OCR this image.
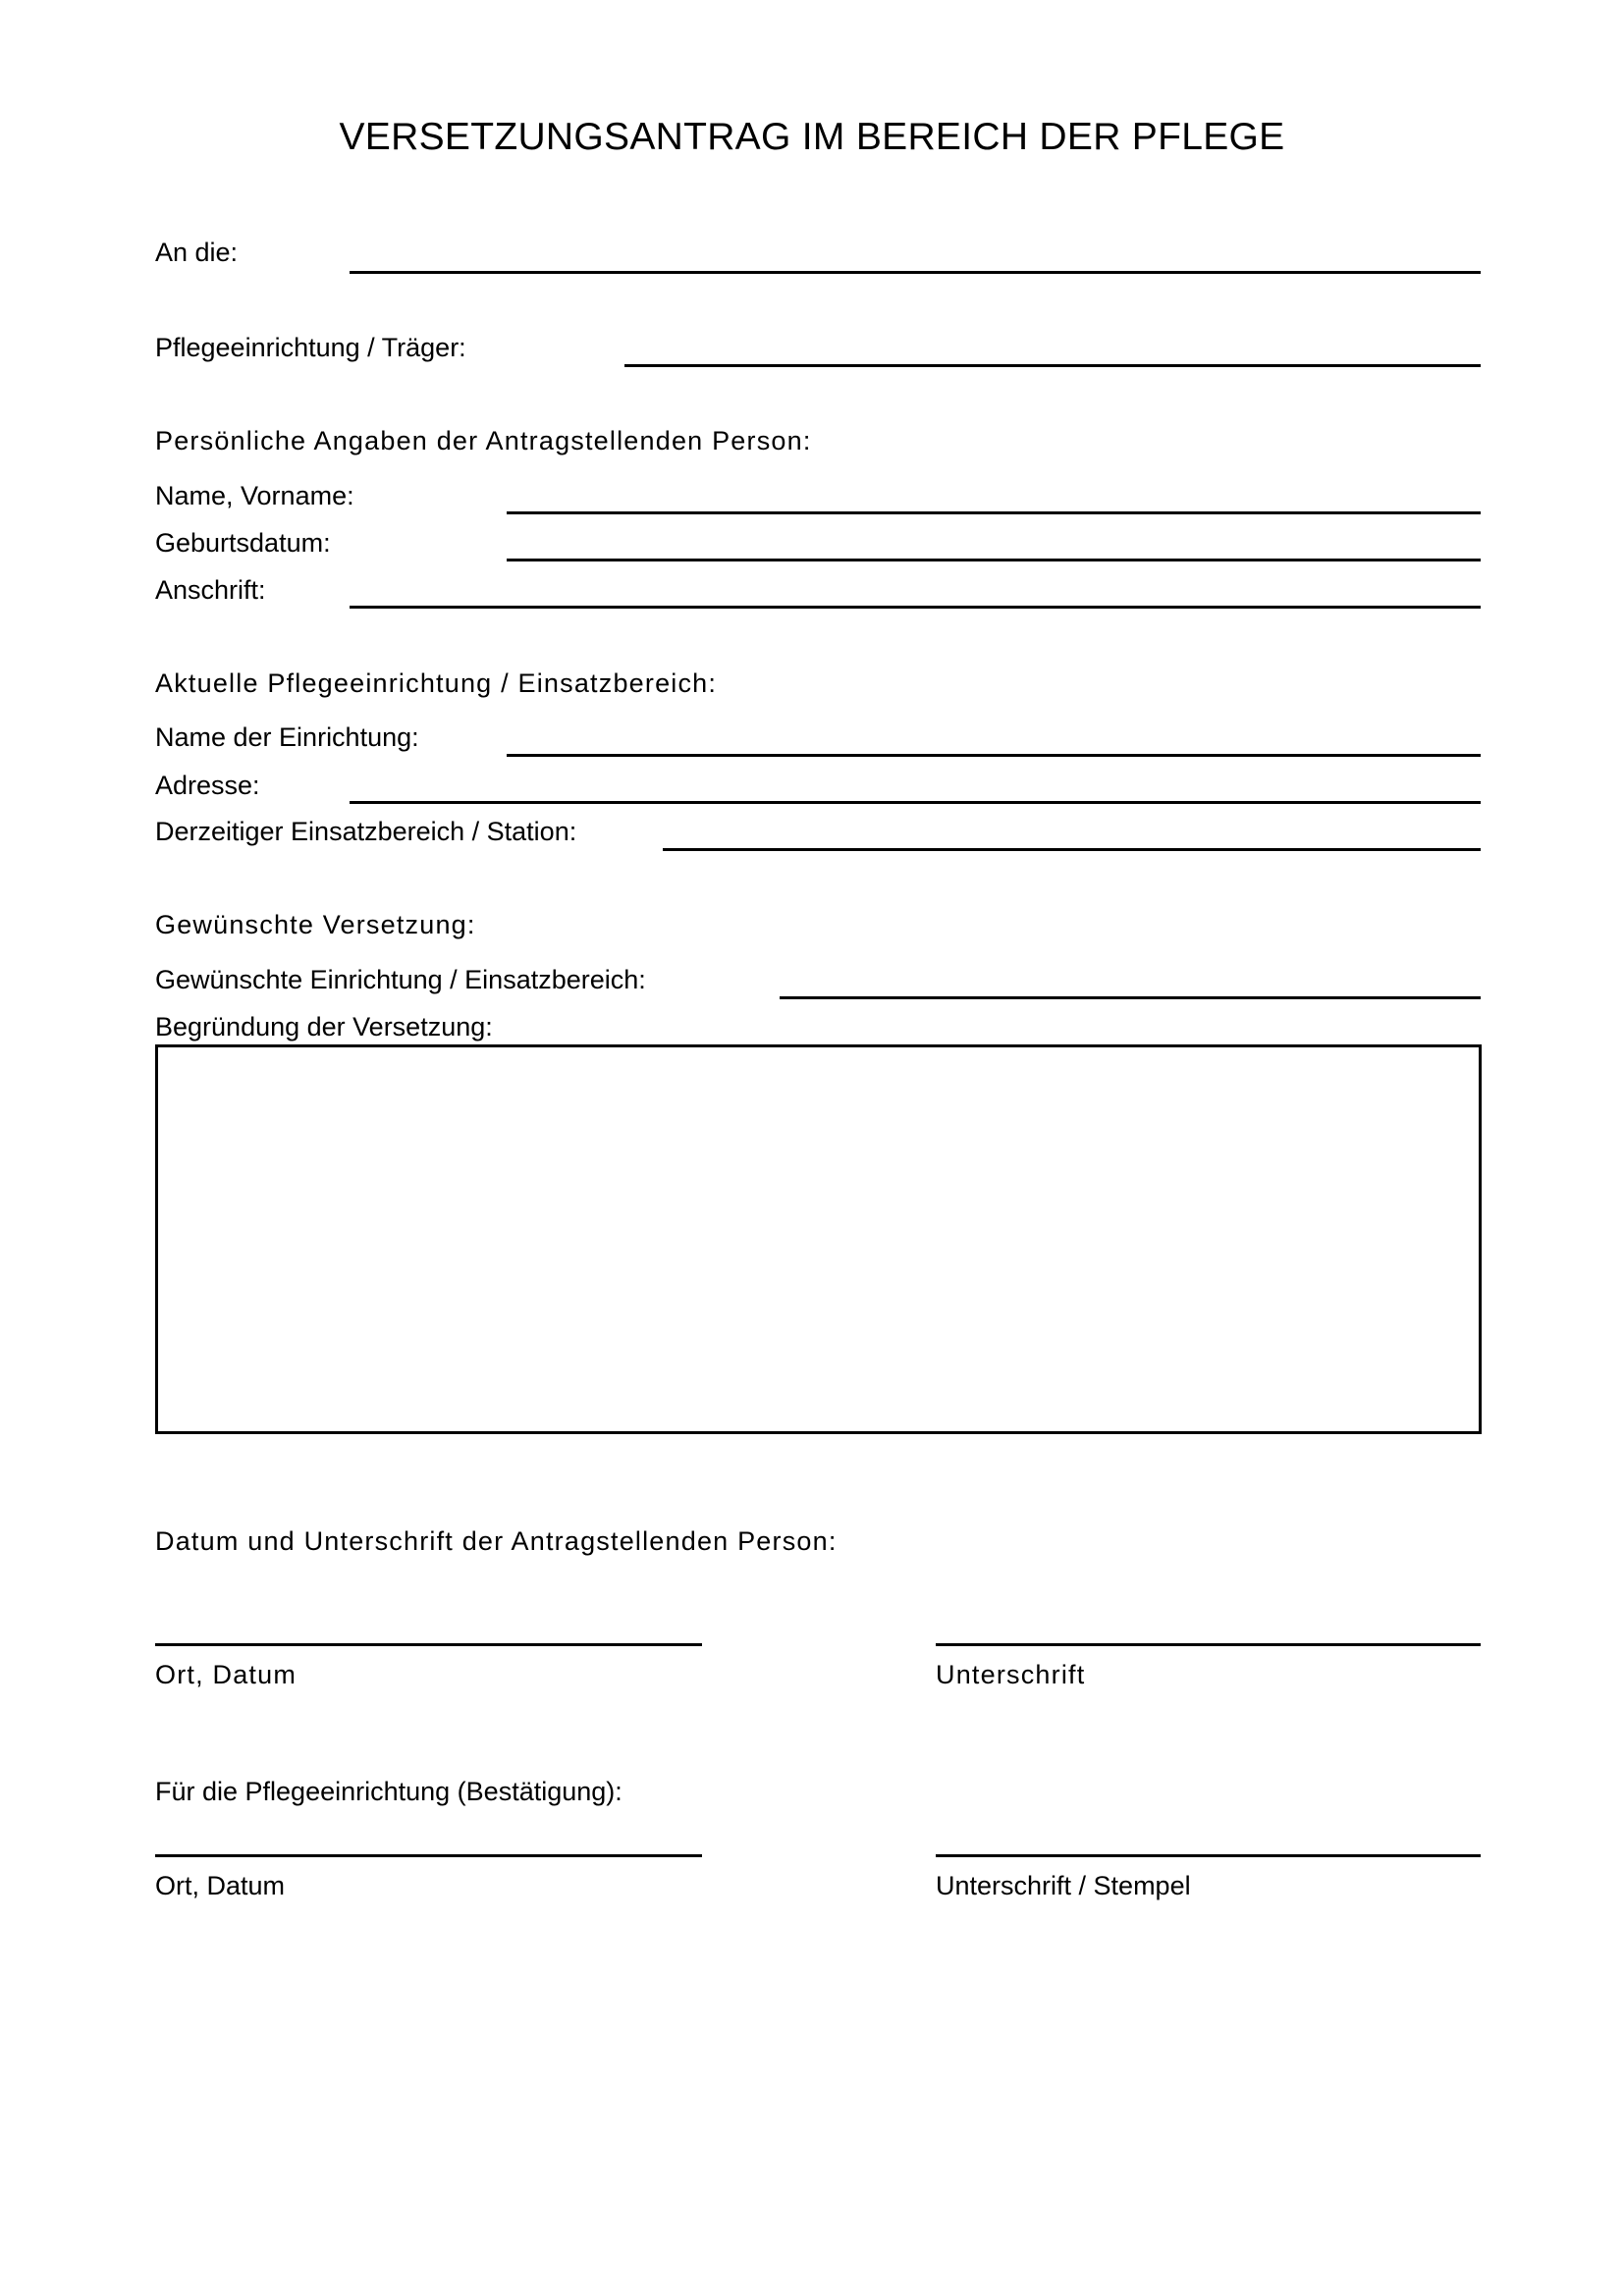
VERSETZUNGSANTRAG IM BEREICH DER PFLEGE
An die:
Pflegeeinrichtung / Träger:
Persönliche Angaben der Antragstellenden Person:
Name, Vorname:
Geburtsdatum:
Anschrift:
Aktuelle Pflegeeinrichtung / Einsatzbereich:
Name der Einrichtung:
Adresse:
Derzeitiger Einsatzbereich / Station:
Gewünschte Versetzung:
Gewünschte Einrichtung / Einsatzbereich:
Begründung der Versetzung:
Datum und Unterschrift der Antragstellenden Person:
Ort, Datum	Unterschrift
Für die Pflegeeinrichtung (Bestätigung):
Ort, Datum	Unterschrift / Stempel
